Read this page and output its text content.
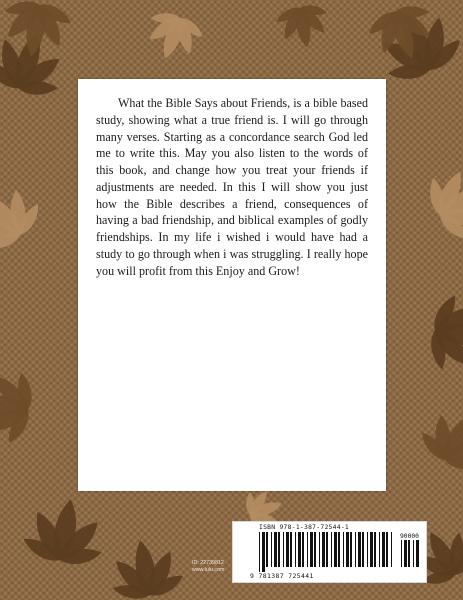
What the Bible Says about Friends, is a bible based study, showing what a true friend is. I will go through many verses. Starting as a concordance search God led me to write this. May you also listen to the words of this book, and change how you treat your friends if adjustments are needed. In this I will show you just how the Bible describes a friend, consequences of having a bad friendship, and biblical examples of godly friendships. In my life i wished i would have had a study to go through when i was struggling. I really hope you will profit from this Enjoy and Grow!

ISBN 978-1-387-72544-1
90000
9 781387 725441
ID: 22739812
www.lulu.com
